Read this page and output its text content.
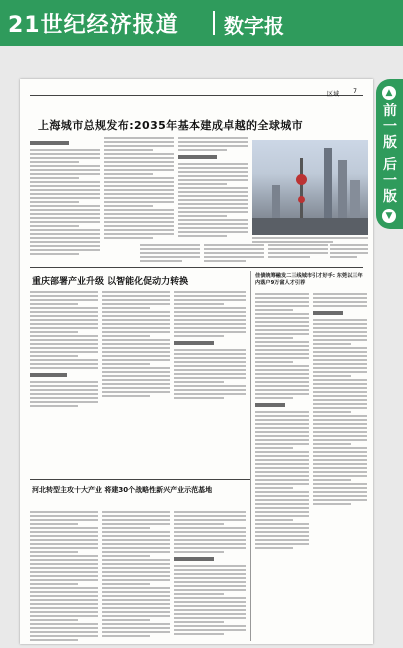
21世纪经济报道 数字报
区域 7
上海城市总规发布:2035年基本建成卓越的全球城市
重庆部署产业升级 以智能化促动力转换
佳债统筹融发二三线城市引才好手: 东莞以三年内落户9万富人才引荐
河北转型主攻十大产业 将建30个战略性新兴产业示范基地
▲
前一版
后一版
▼
